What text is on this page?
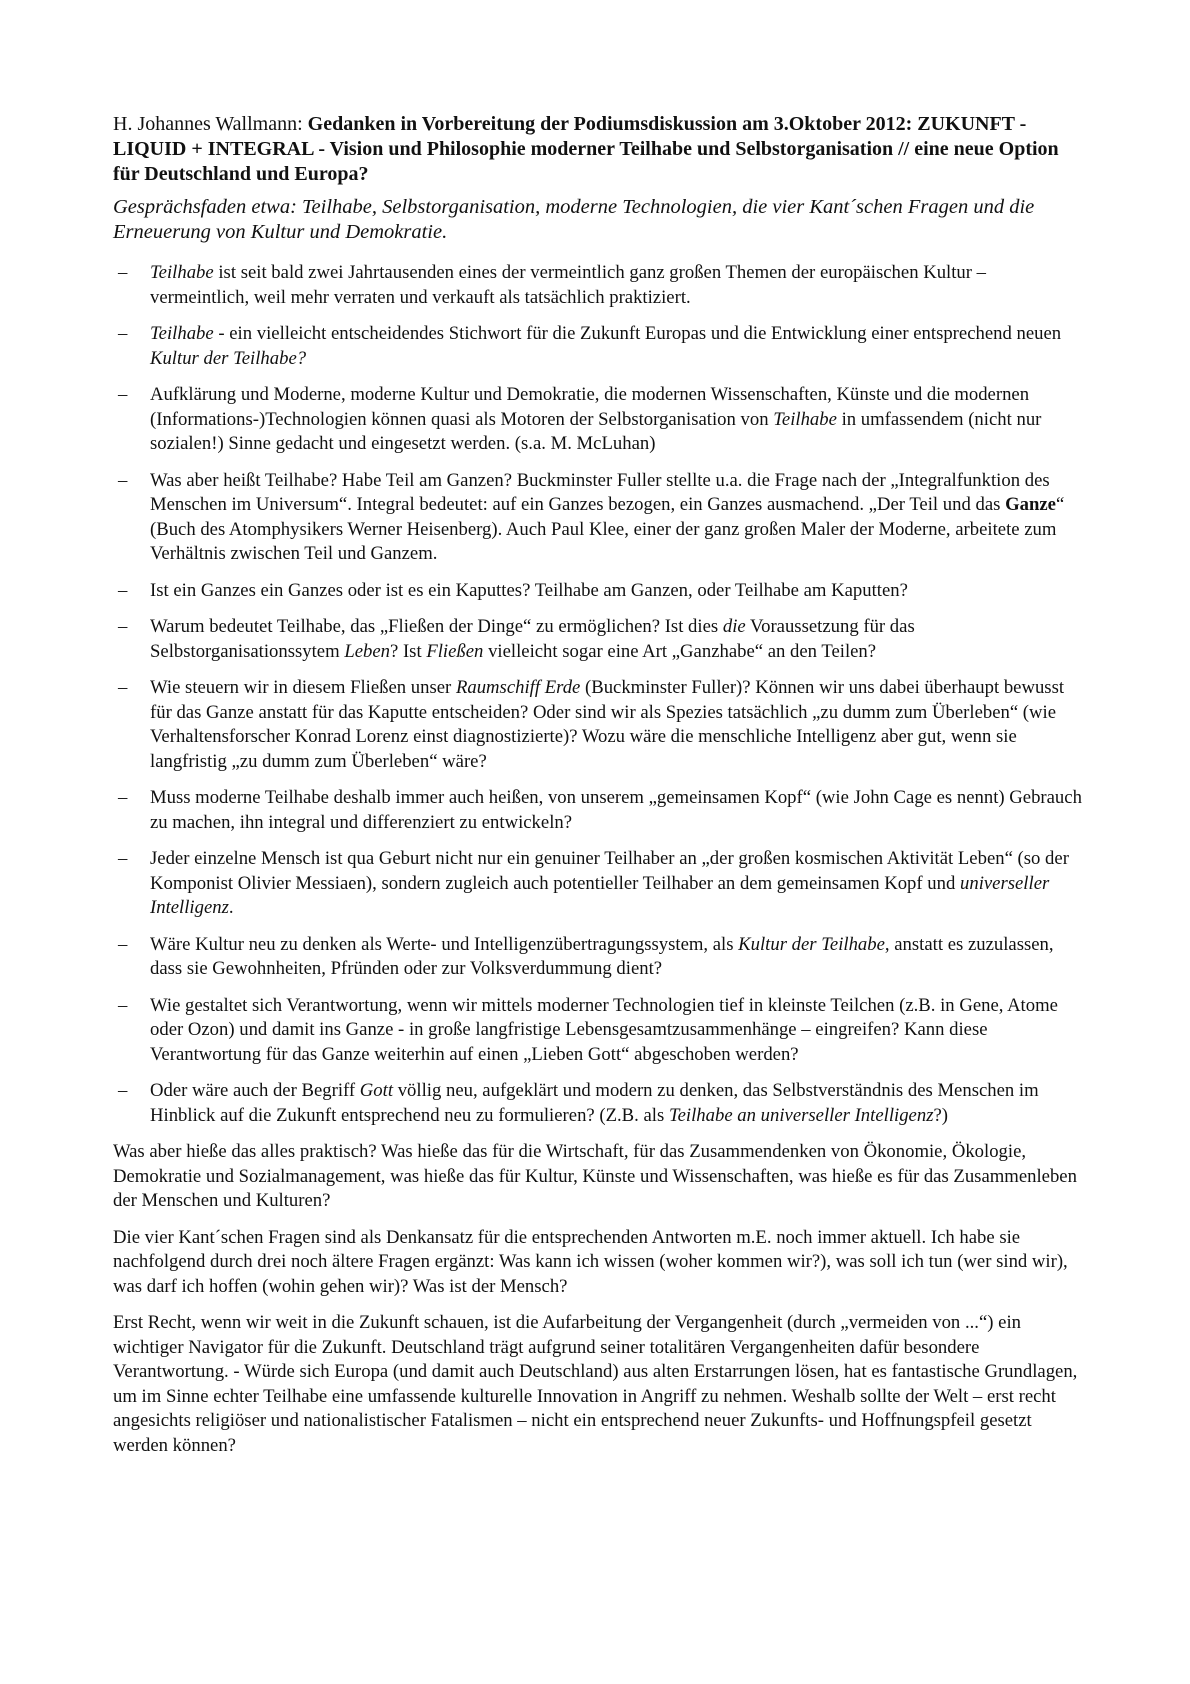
H. Johannes Wallmann: Gedanken in Vorbereitung der Podiumsdiskussion am 3.Oktober 2012: ZUKUNFT - LIQUID + INTEGRAL - Vision und Philosophie moderner Teilhabe und Selbstorganisation // eine neue Option für Deutschland und Europa?
Gesprächsfaden etwa: Teilhabe, Selbstorganisation, moderne Technologien, die vier Kant´schen Fragen und die Erneuerung von Kultur und Demokratie.
–	Teilhabe ist seit bald zwei Jahrtausenden eines der vermeintlich ganz großen Themen der europäischen Kultur – vermeintlich, weil mehr verraten und verkauft als tatsächlich praktiziert.
–	Teilhabe - ein vielleicht entscheidendes Stichwort für die Zukunft Europas und die Entwicklung einer entsprechend neuen Kultur der Teilhabe?
–	Aufklärung und Moderne, moderne Kultur und Demokratie, die modernen Wissenschaften, Künste und die modernen (Informations-)Technologien können quasi als Motoren der Selbstorganisation von Teilhabe in umfassendem (nicht nur sozialen!) Sinne gedacht und eingesetzt werden. (s.a. M. McLuhan)
–	Was aber heißt Teilhabe? Habe Teil am Ganzen? Buckminster Fuller stellte u.a. die Frage nach der „Integralfunktion des Menschen im Universum“. Integral bedeutet: auf ein Ganzes bezogen, ein Ganzes ausmachend. „Der Teil und das Ganze“ (Buch des Atomphysikers Werner Heisenberg). Auch Paul Klee, einer der ganz großen Maler der Moderne, arbeitete zum Verhältnis zwischen Teil und Ganzem.
–	Ist ein Ganzes ein Ganzes oder ist es ein Kaputtes? Teilhabe am Ganzen, oder Teilhabe am Kaputten?
–	Warum bedeutet Teilhabe, das „Fließen der Dinge“ zu ermöglichen? Ist dies die Voraussetzung für das Selbstorganisationssytem Leben? Ist Fließen vielleicht sogar eine Art „Ganzhabe“ an den Teilen?
–	Wie steuern wir in diesem Fließen unser Raumschiff Erde (Buckminster Fuller)? Können wir uns dabei überhaupt bewusst für das Ganze anstatt für das Kaputte entscheiden? Oder sind wir als Spezies tatsächlich „zu dumm zum Überleben“ (wie Verhaltensforscher Konrad Lorenz einst diagnostizierte)? Wozu wäre die menschliche Intelligenz aber gut, wenn sie langfristig „zu dumm zum Überleben“ wäre?
–	Muss moderne Teilhabe deshalb immer auch heißen, von unserem „gemeinsamen Kopf“ (wie John Cage es nennt) Gebrauch zu machen, ihn integral und differenziert zu entwickeln?
–	Jeder einzelne Mensch ist qua Geburt nicht nur ein genuiner Teilhaber an „der großen kosmischen Aktivität Leben“ (so der Komponist Olivier Messiaen), sondern zugleich auch potentieller Teilhaber an dem gemeinsamen Kopf und universeller Intelligenz.
–	Wäre Kultur neu zu denken als Werte- und Intelligenzübertragungssystem, als Kultur der Teilhabe, anstatt es zuzulassen, dass sie Gewohnheiten, Pfründen oder zur Volksverdummung dient?
–	Wie gestaltet sich Verantwortung, wenn wir mittels moderner Technologien tief in kleinste Teilchen (z.B. in Gene, Atome oder Ozon) und damit ins Ganze - in große langfristige Lebensgesamtzusammenhänge – eingreifen? Kann diese Verantwortung für das Ganze weiterhin auf einen „Lieben Gott“ abgeschoben werden?
–	Oder wäre auch der Begriff Gott völlig neu, aufgeklärt und modern zu denken, das Selbstverständnis des Menschen im Hinblick auf die Zukunft entsprechend neu zu formulieren? (Z.B. als Teilhabe an universeller Intelligenz?)

Was aber hieße das alles praktisch? Was hieße das für die Wirtschaft, für das Zusammendenken von Ökonomie, Ökologie, Demokratie und Sozialmanagement, was hieße das für Kultur, Künste und Wissenschaften, was hieße es für das Zusammenleben der Menschen und Kulturen?

Die vier Kant´schen Fragen sind als Denkansatz für die entsprechenden Antworten m.E. noch immer aktuell. Ich habe sie nachfolgend durch drei noch ältere Fragen ergänzt: Was kann ich wissen (woher kommen wir?), was soll ich tun (wer sind wir), was darf ich hoffen (wohin gehen wir)? Was ist der Mensch?

Erst Recht, wenn wir weit in die Zukunft schauen, ist die Aufarbeitung der Vergangenheit (durch „vermeiden von ...“) ein wichtiger Navigator für die Zukunft. Deutschland trägt aufgrund seiner totalitären Vergangenheiten dafür besondere Verantwortung. - Würde sich Europa (und damit auch Deutschland) aus alten Erstarrungen lösen, hat es fantastische Grundlagen, um im Sinne echter Teilhabe eine umfassende kulturelle Innovation in Angriff zu nehmen. Weshalb sollte der Welt – erst recht angesichts religiöser und nationalistischer Fatalismen – nicht ein entsprechend neuer Zukunfts- und Hoffnungspfeil gesetzt werden können?
